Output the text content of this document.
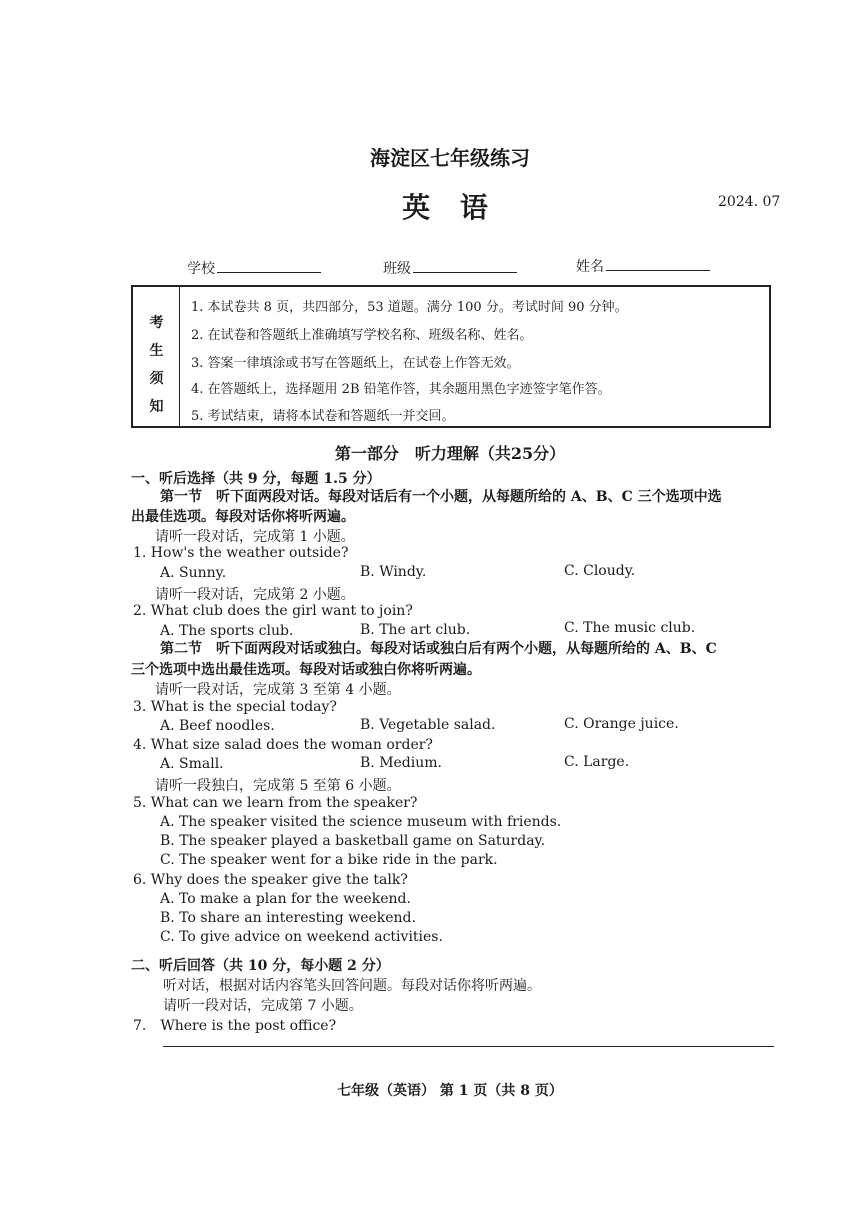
海淀区七年级练习
英 语	2024. 07
学校	班级	姓名
考
生
须
知
1. 本试卷共 8 页，共四部分，53 道题。满分 100 分。考试时间 90 分钟。
2. 在试卷和答题纸上准确填写学校名称、班级名称、姓名。
3. 答案一律填涂或书写在答题纸上，在试卷上作答无效。
4. 在答题纸上，选择题用 2B 铅笔作答，其余题用黑色字迹签字笔作答。
5. 考试结束，请将本试卷和答题纸一并交回。
第一部分　听力理解（共25分）
一、听后选择（共 9 分，每题 1.5 分）
第一节　听下面两段对话。每段对话后有一个小题，从每题所给的 A、B、C 三个选项中选
出最佳选项。每段对话你将听两遍。
请听一段对话，完成第 1 小题。
1. How's the weather outside?
A. Sunny.	B. Windy.	C. Cloudy.
请听一段对话，完成第 2 小题。
2. What club does the girl want to join?
A. The sports club.	B. The art club.	C. The music club.
第二节　听下面两段对话或独白。每段对话或独白后有两个小题，从每题所给的 A、B、C
三个选项中选出最佳选项。每段对话或独白你将听两遍。
请听一段对话，完成第 3 至第 4 小题。
3. What is the special today?
A. Beef noodles.	B. Vegetable salad.	C. Orange juice.
4. What size salad does the woman order?
A. Small.	B. Medium.	C. Large.
请听一段独白，完成第 5 至第 6 小题。
5. What can we learn from the speaker?
A. The speaker visited the science museum with friends.
B. The speaker played a basketball game on Saturday.
C. The speaker went for a bike ride in the park.
6. Why does the speaker give the talk?
A. To make a plan for the weekend.
B. To share an interesting weekend.
C. To give advice on weekend activities.
二、听后回答（共 10 分，每小题 2 分）
听对话，根据对话内容笔头回答问题。每段对话你将听两遍。
请听一段对话，完成第 7 小题。
7.　Where is the post office?
七年级（英语） 第 1 页（共 8 页）
